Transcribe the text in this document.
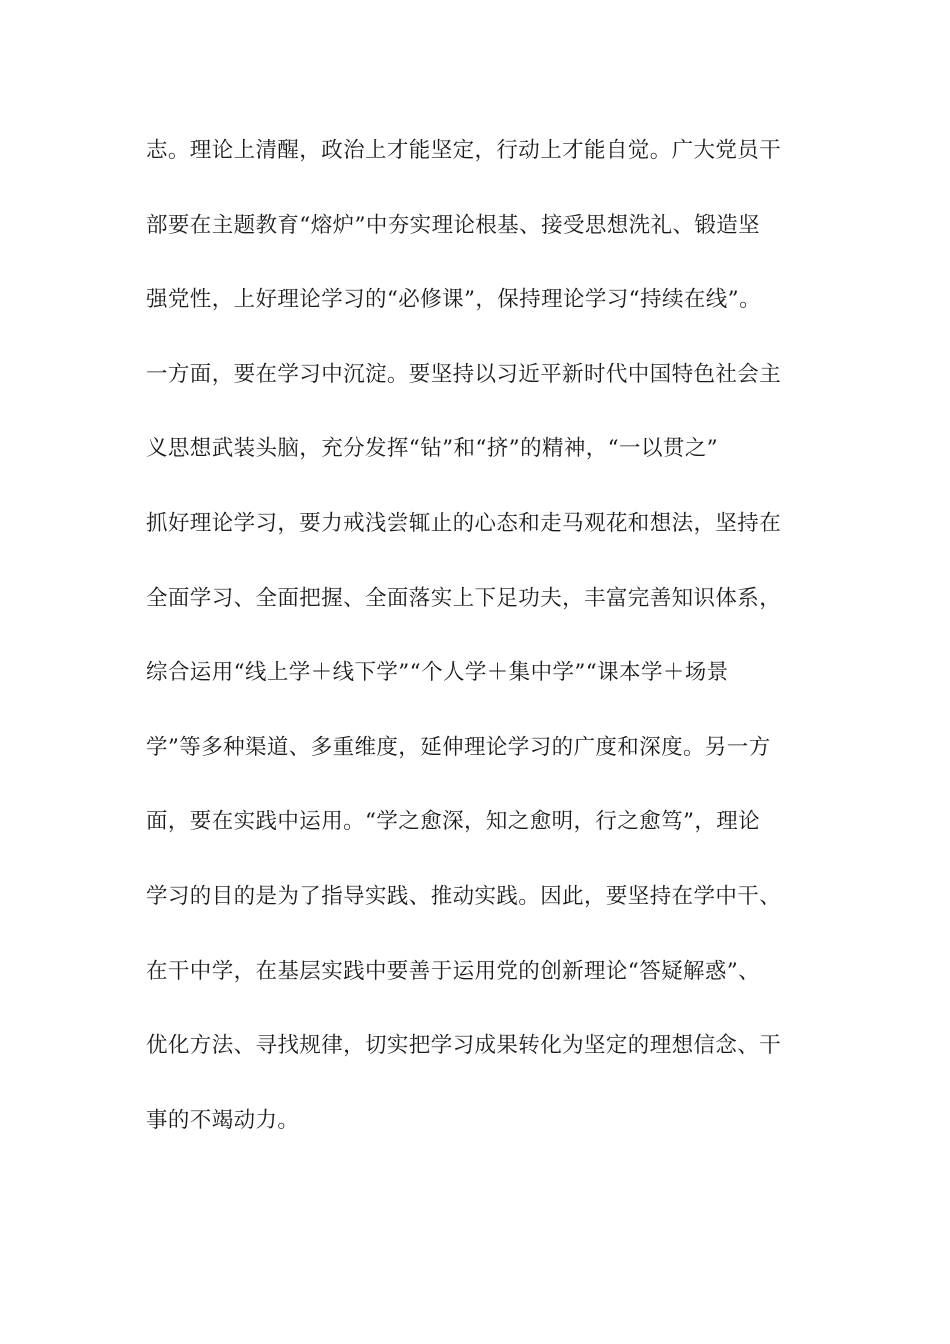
志。理论上清醒，政治上才能坚定，行动上才能自觉。广大党员干
部要在主题教育“熔炉”中夯实理论根基、接受思想洗礼、锻造坚
强党性，上好理论学习的“必修课”，保持理论学习“持续在线”。
一方面，要在学习中沉淀。要坚持以习近平新时代中国特色社会主
义思想武装头脑，充分发挥“钻”和“挤”的精神，“一以贯之”
抓好理论学习，要力戒浅尝辄止的心态和走马观花和想法，坚持在
全面学习、全面把握、全面落实上下足功夫，丰富完善知识体系，
综合运用“线上学＋线下学”“个人学＋集中学”“课本学＋场景
学”等多种渠道、多重维度，延伸理论学习的广度和深度。另一方
面，要在实践中运用。“学之愈深，知之愈明，行之愈笃”，理论
学习的目的是为了指导实践、推动实践。因此，要坚持在学中干、
在干中学，在基层实践中要善于运用党的创新理论“答疑解惑”、
优化方法、寻找规律，切实把学习成果转化为坚定的理想信念、干
事的不竭动力。
